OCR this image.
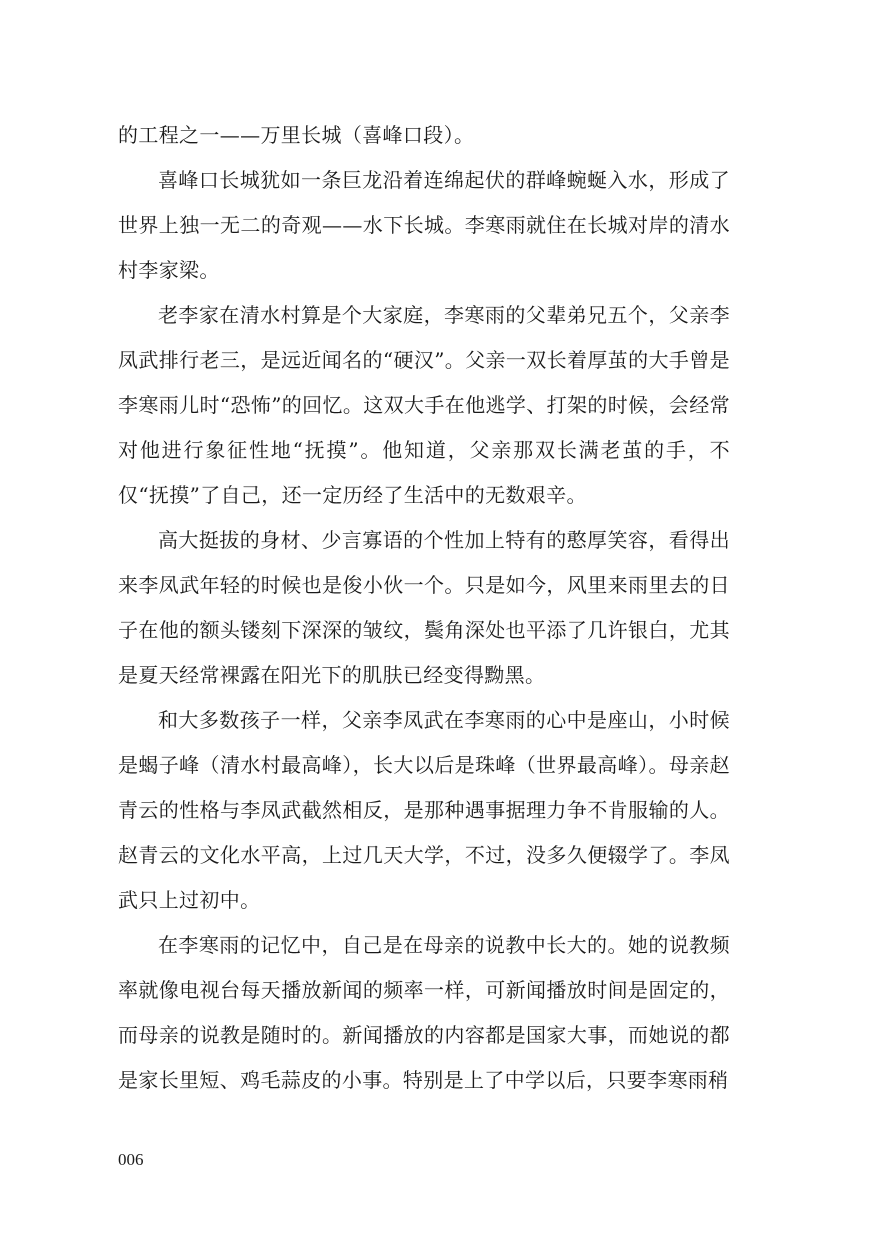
的工程之一——万里长城（喜峰口段）。

喜峰口长城犹如一条巨龙沿着连绵起伏的群峰蜿蜒入水，形成了世界上独一无二的奇观——水下长城。李寒雨就住在长城对岸的清水村李家梁。

老李家在清水村算是个大家庭，李寒雨的父辈弟兄五个，父亲李凤武排行老三，是远近闻名的“硬汉”。父亲一双长着厚茧的大手曾是李寒雨儿时“恐怖”的回忆。这双大手在他逃学、打架的时候，会经常对他进行象征性地“抚摸”。他知道，父亲那双长满老茧的手，不仅“抚摸”了自己，还一定历经了生活中的无数艰辛。

高大挺拔的身材、少言寡语的个性加上特有的憨厚笑容，看得出来李凤武年轻的时候也是俊小伙一个。只是如今，风里来雨里去的日子在他的额头镂刻下深深的皱纹，鬓角深处也平添了几许银白，尤其是夏天经常裸露在阳光下的肌肤已经变得黝黑。

和大多数孩子一样，父亲李凤武在李寒雨的心中是座山，小时候是蝎子峰（清水村最高峰），长大以后是珠峰（世界最高峰）。母亲赵青云的性格与李凤武截然相反，是那种遇事据理力争不肯服输的人。赵青云的文化水平高，上过几天大学，不过，没多久便辍学了。李凤武只上过初中。

在李寒雨的记忆中，自己是在母亲的说教中长大的。她的说教频率就像电视台每天播放新闻的频率一样，可新闻播放时间是固定的，而母亲的说教是随时的。新闻播放的内容都是国家大事，而她说的都是家长里短、鸡毛蒜皮的小事。特别是上了中学以后，只要李寒雨稍

006
